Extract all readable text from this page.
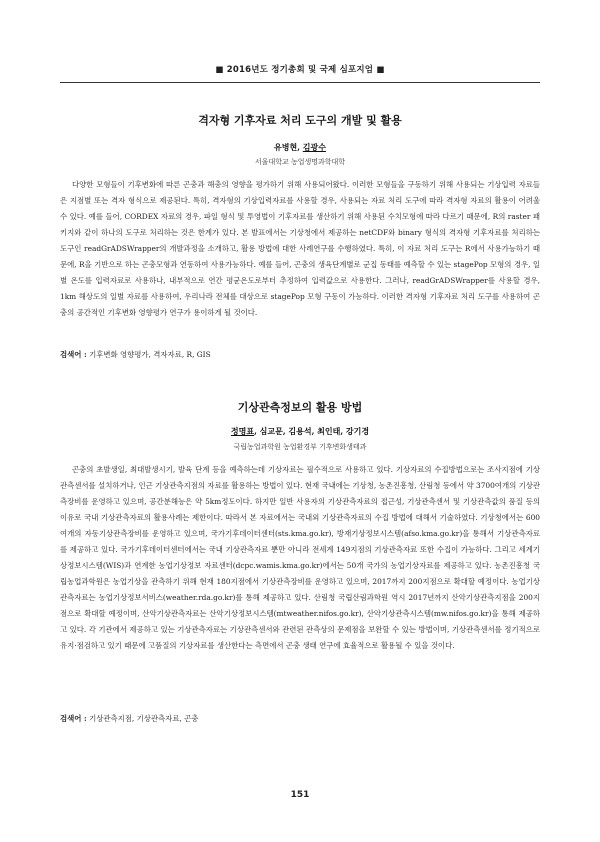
■ 2016년도 정기총회 및 국제 심포지엄 ■
격자형 기후자료 처리 도구의 개발 및 활용
유병현, 김광수
서울대학교 농업생명과학대학

다양한 모형들이 기후변화에 따른 곤충과 해충의 영향을 평가하기 위해 사용되어왔다. 이러한 모형들을 구동하기 위해 사용되는 기상입력 자료들은 지점별 또는 격자 형식으로 제공된다. 특히, 격자형의 기상입력자료를 사용할 경우, 사용되는 자료 처리 도구에 따라 격자형 자료의 활용이 어려울 수 있다. 예를 들어, CORDEX 자료의 경우, 파일 형식 및 투영법이 기후자료를 생산하기 위해 사용된 수치모형에 따라 다르기 때문에, R의 raster 패키지와 같이 하나의 도구로 처리하는 것은 한계가 있다. 본 발표에서는 기상청에서 제공하는 netCDF와 binary 형식의 격자형 기후자료를 처리하는 도구인 readGrADSWrapper의 개발과정을 소개하고, 활용 방법에 대한 사례연구를 수행하였다. 특히, 이 자료 처리 도구는 R에서 사용가능하기 때문에, R을 기반으로 하는 곤충모형과 연동하여 사용가능하다. 예를 들어, 곤충의 생육단계별로 군집 동태를 예측할 수 있는 stagePop 모형의 경우, 일별 온도를 입력자료로 사용하나, 내부적으로 연간 평균온도로부터 추정하여 입력값으로 사용한다. 그러나, readGrADSWrapper를 사용할 경우, 1km 해상도의 일별 자료를 사용하여, 우리나라 전체를 대상으로 stagePop 모형 구동이 가능하다. 이러한 격자형 기후자료 처리 도구를 사용하여 곤충의 공간적인 기후변화 영향평가 연구가 용이하게 될 것이다.

검색어 : 기후변화 영향평가, 격자자료, R, GIS
기상관측정보의 활용 방법
정명표, 심교문, 김용석, 최인태, 강기경
국립농업과학원 농업환경부 기후변화생태과

곤충의 초발생일, 최대발생시기, 발육 단계 등을 예측하는데 기상자료는 필수적으로 사용하고 있다. 기상자료의 수집방법으로는 조사지점에 기상관측센서를 설치하거나, 인근 기상관측지점의 자료를 활용하는 방법이 있다. 현재 국내에는 기상청, 농촌진흥청, 산림청 등에서 약 3700여개의 기상관측장비를 운영하고 있으며, 공간분해능은 약 5km정도이다. 하지만 일반 사용자의 기상관측자료의 접근성, 기상관측센서 및 기상관측값의 품질 등의 이유로 국내 기상관측자료의 활용사례는 제한이다. 따라서 본 자료에서는 국내외 기상관측자료의 수집 방법에 대해서 기술하였다. 기상청에서는 600여개의 자동기상관측장비를 운영하고 있으며, 국가기후데이터센터(sts.kma.go.kr), 방재기상정보시스템(afso.kma.go.kr)을 통해서 기상관측자료를 제공하고 있다. 국가기후데이터센터에서는 국내 기상관측자료 뿐만 아니라 전세계 149지점의 기상관측자료 또한 수집이 가능하다. 그리고 세계기상정보시스템(WIS)과 연계한 농업기상정보 자료센터(dcpc.wamis.kma.go.kr)에서는 50개 국가의 농업기상자료를 제공하고 있다. 농촌진흥청 국립농업과학원은 농업기상을 관측하기 위해 현재 180지점에서 기상관측장비를 운영하고 있으며, 2017까지 200지점으로 확대할 예정이다. 농업기상관측자료는 농업기상정보서비스(weather.rda.go.kr)를 통해 제공하고 있다. 산림청 국립산림과학원 역시 2017년까지 산악기상관측지점을 200지점으로 확대할 예정이며, 산악기상관측자료는 산악기상정보시스템(mtweather.nifos.go.kr), 산악기상관측시스템(mw.nifos.go.kr)을 통해 제공하고 있다. 각 기관에서 제공하고 있는 기상관측자료는 기상관측센서와 관련된 관측상의 문제점을 보완할 수 있는 방법이며, 기상관측센서를 정기적으로 유지·점검하고 있기 때문에 고품질의 기상자료를 생산한다는 측면에서 곤충 생태 연구에 효율적으로 활용될 수 있을 것이다.

검색어 : 기상관측지점, 기상관측자료, 곤충
151
